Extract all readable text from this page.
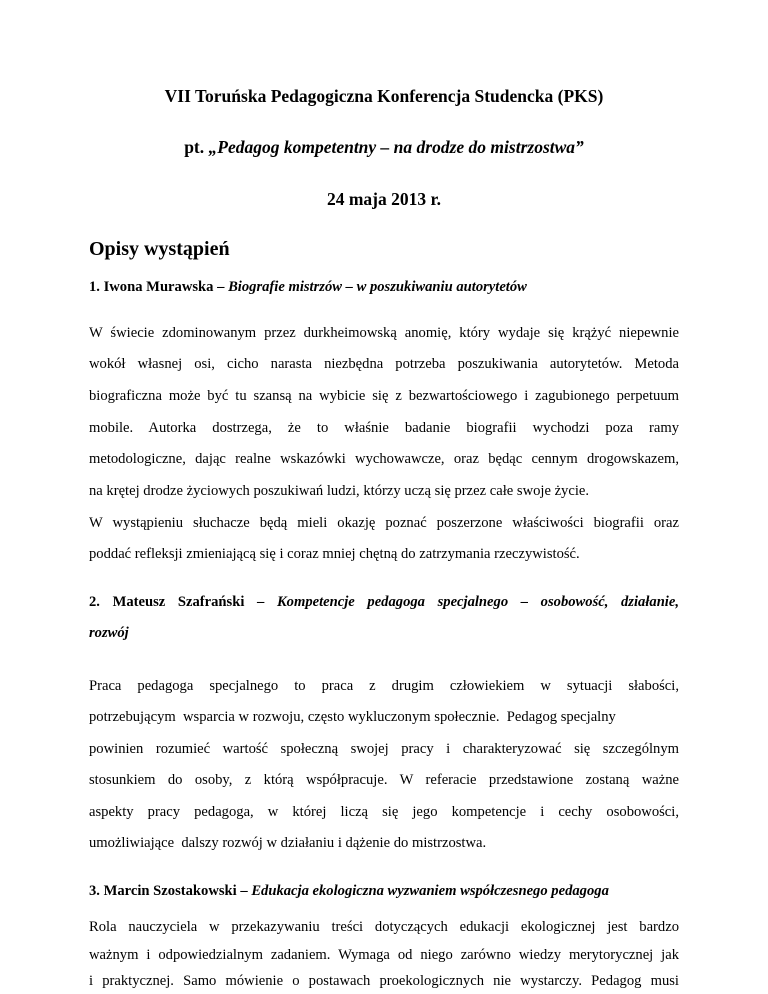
VII Toruńska Pedagogiczna Konferencja Studencka (PKS)
pt. „Pedagog kompetentny – na drodze do mistrzostwa”
24 maja 2013 r.
Opisy wystąpień
1. Iwona Murawska – Biografie mistrzów – w poszukiwaniu autorytetów
W świecie zdominowanym przez durkheimowską anomię, który wydaje się krążyć niepewnie
wokół własnej osi, cicho narasta niezbędna potrzeba poszukiwania autorytetów. Metoda
biograficzna może być tu szansą na wybicie się z bezwartościowego i zagubionego perpetuum
mobile. Autorka dostrzega, że to właśnie badanie biografii wychodzi poza ramy
metodologiczne, dając realne wskazówki wychowawcze, oraz będąc cennym drogowskazem,
na krętej drodze życiowych poszukiwań ludzi, którzy uczą się przez całe swoje życie.
W wystąpieniu słuchacze będą mieli okazję poznać poszerzone właściwości biografii oraz
poddać refleksji zmieniającą się i coraz mniej chętną do zatrzymania rzeczywistość.
2. Mateusz Szafrański – Kompetencje pedagoga specjalnego – osobowość, działanie,
rozwój
Praca pedagoga specjalnego to praca z drugim człowiekiem w sytuacji słabości,
potrzebującym  wsparcia w rozwoju, często wykluczonym społecznie.  Pedagog specjalny
powinien rozumieć wartość społeczną swojej pracy i charakteryzować się szczególnym
stosunkiem do osoby, z którą współpracuje. W referacie przedstawione zostaną ważne
aspekty pracy pedagoga, w której liczą się jego kompetencje i cechy osobowości,
umożliwiające  dalszy rozwój w działaniu i dążenie do mistrzostwa.
3. Marcin Szostakowski – Edukacja ekologiczna wyzwaniem współczesnego pedagoga
Rola nauczyciela w przekazywaniu treści dotyczących edukacji ekologicznej jest bardzo
ważnym i odpowiedzialnym zadaniem. Wymaga od niego zarówno wiedzy merytorycznej jak
i praktycznej. Samo mówienie o postawach proekologicznych nie wystarczy. Pedagog musi
